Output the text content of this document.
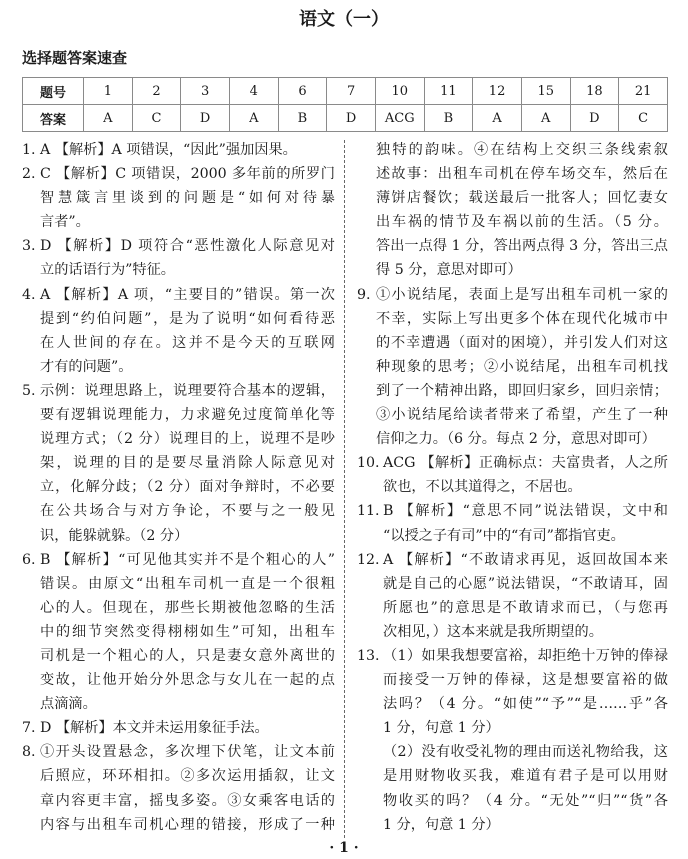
语文（一）
选择题答案速查
题号	1	2	3	4	6	7	10	11	12	15	18	21
答案	A	C	D	A	B	D	ACG	B	A	A	D	C
1. A 【解析】A 项错误，“因此”强加因果。
2. C 【解析】C 项错误，2000 多年前的所罗门
智慧箴言里谈到的问题是“如何对待暴
言者”。
3. D 【解析】D 项符合“恶性激化人际意见对
立的话语行为”特征。
4. A 【解析】A 项，“主要目的”错误。第一次
提到“约伯问题”，是为了说明“如何看待恶
在人世间的存在。这并不是今天的互联网
才有的问题”。
5. 示例：说理思路上，说理要符合基本的逻辑，
要有逻辑说理能力，力求避免过度简单化等
说理方式；（2 分）说理目的上，说理不是吵
架，说理的目的是要尽量消除人际意见对
立，化解分歧；（2 分）面对争辩时，不必要
在公共场合与对方争论，不要与之一般见
识，能躲就躲。（2 分）
6. B 【解析】“可见他其实并不是个粗心的人”
错误。由原文“出租车司机一直是一个很粗
心的人。但现在，那些长期被他忽略的生活
中的细节突然变得栩栩如生”可知，出租车
司机是一个粗心的人，只是妻女意外离世的
变故，让他开始分外思念与女儿在一起的点
点滴滴。
7. D 【解析】本文并未运用象征手法。
8. ①开头设置悬念，多次埋下伏笔，让文本前
后照应，环环相扣。②多次运用插叙，让文
章内容更丰富，摇曳多姿。③女乘客电话的
内容与出租车司机心理的错接，形成了一种
独特的韵味。④在结构上交织三条线索叙
述故事：出租车司机在停车场交车，然后在
薄饼店餐饮；载送最后一批客人；回忆妻女
出车祸的情节及车祸以前的生活。（5 分。
答出一点得 1 分，答出两点得 3 分，答出三点
得 5 分，意思对即可）
9. ①小说结尾，表面上是写出租车司机一家的
不幸，实际上写出更多个体在现代化城市中
的不幸遭遇（面对的困境），并引发人们对这
种现象的思考；②小说结尾，出租车司机找
到了一个精神出路，即回归家乡，回归亲情；
③小说结尾给读者带来了希望，产生了一种
信仰之力。（6 分。每点 2 分，意思对即可）
10. ACG 【解析】正确标点：夫富贵者，人之所
欲也，不以其道得之，不居也。
11. B 【解析】“意思不同”说法错误，文中和
“以授之子有司”中的“有司”都指官吏。
12. A 【解析】“不敢请求再见，返回故国本来
就是自己的心愿”说法错误，“不敢请耳，固
所愿也”的意思是不敢请求而已，（与您再
次相见，）这本来就是我所期望的。
13. （1）如果我想要富裕，却拒绝十万钟的俸禄
而接受一万钟的俸禄，这是想要富裕的做
法吗？（4 分。“如使”“予”“是……乎”各
1 分，句意 1 分）
（2）没有收受礼物的理由而送礼物给我，这
是用财物收买我，难道有君子是可以用财
物收买的吗？（4 分。“无处”“归”“货”各
1 分，句意 1 分）
· 1 ·
